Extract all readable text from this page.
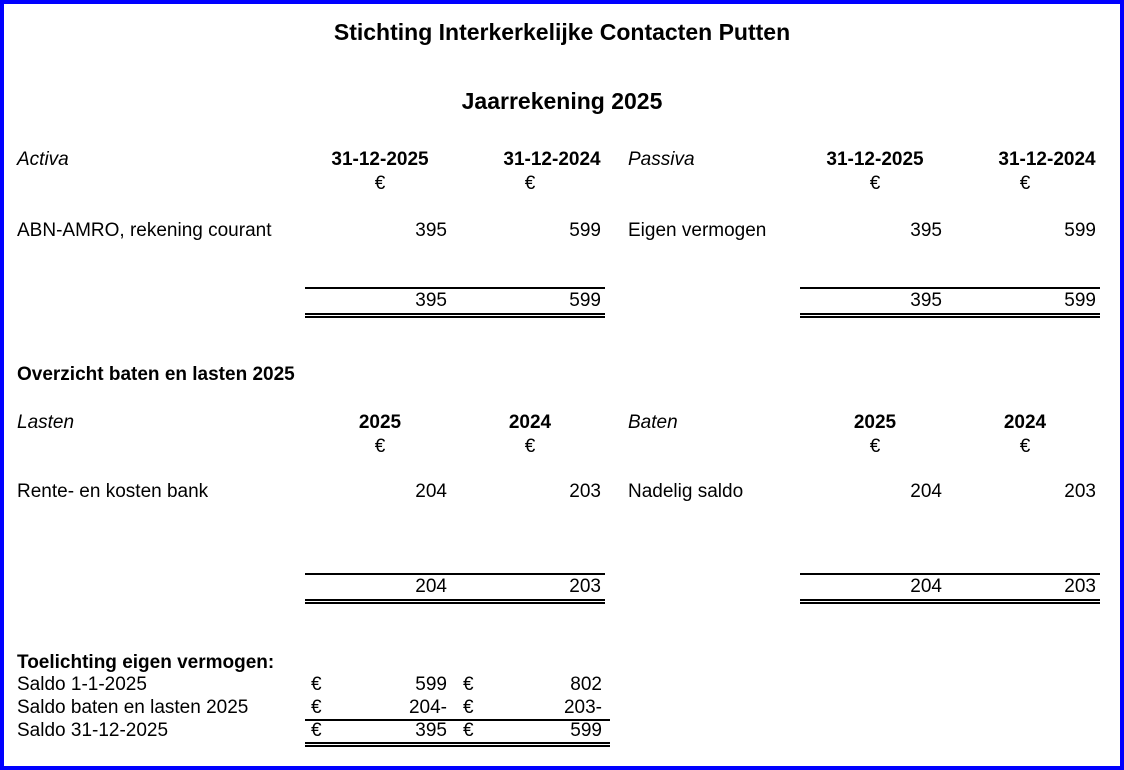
Stichting Interkerkelijke Contacten Putten
Jaarrekening 2025
Activa	31-12-2025	31-12-2024
€	€
ABN-AMRO, rekening courant	395	599
395	599
Passiva	31-12-2025	31-12-2024
€	€
Eigen vermogen	395	599
395	599
Overzicht baten en lasten 2025
Lasten	2025	2024
€	€
Rente- en kosten bank	204	203
204	203
Baten	2025	2024
€	€
Nadelig saldo	204	203
204	203
Toelichting eigen vermogen:
Saldo 1-1-2025	€	599 €	802
Saldo baten en lasten 2025	€	204- €	203-
Saldo 31-12-2025	€	395 €	599
